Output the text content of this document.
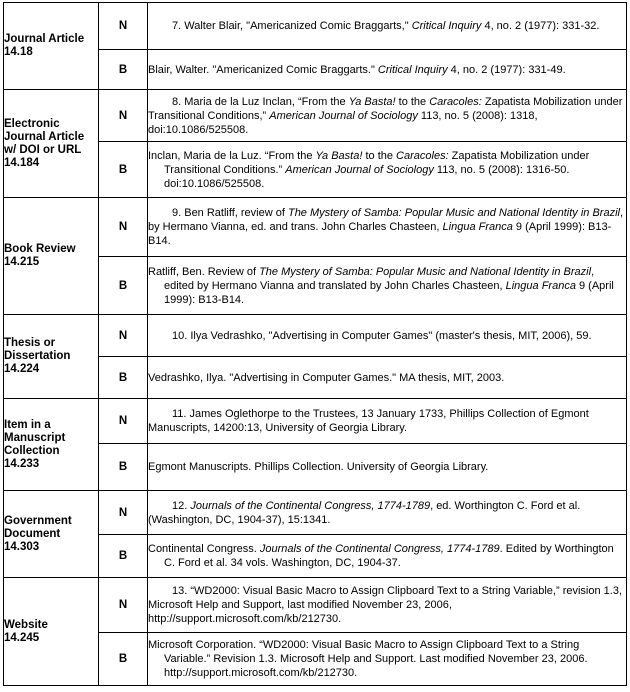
Journal Article
14.18	N	7. Walter Blair, "Americanized Comic Braggarts," Critical Inquiry 4, no. 2 (1977): 331-32.

	B	Blair, Walter. "Americanized Comic Braggarts." Critical Inquiry 4, no. 2 (1977): 331-49.

Electronic Journal Article w/ DOI or URL
14.184	N	8. Maria de la Luz Inclan, “From the Ya Basta! to the Caracoles: Zapatista Mobilization under Transitional Conditions,” American Journal of Sociology 113, no. 5 (2008): 1318, doi:10.1086/525508.

	B	Inclan, Maria de la Luz. “From the Ya Basta! to the Caracoles: Zapatista Mobilization under Transitional Conditions.” American Journal of Sociology 113, no. 5 (2008): 1316-50. doi:10.1086/525508.

Book Review
14.215	N	9. Ben Ratliff, review of The Mystery of Samba: Popular Music and National Identity in Brazil, by Hermano Vianna, ed. and trans. John Charles Chasteen, Lingua Franca 9 (April 1999): B13-B14.

	B	Ratliff, Ben. Review of The Mystery of Samba: Popular Music and National Identity in Brazil, edited by Hermano Vianna and translated by John Charles Chasteen, Lingua Franca 9 (April 1999): B13-B14.

Thesis or Dissertation
14.224	N	10. Ilya Vedrashko, "Advertising in Computer Games" (master's thesis, MIT, 2006), 59.

	B	Vedrashko, Ilya. "Advertising in Computer Games." MA thesis, MIT, 2003.

Item in a Manuscript Collection
14.233	N	11. James Oglethorpe to the Trustees, 13 January 1733, Phillips Collection of Egmont Manuscripts, 14200:13, University of Georgia Library.

	B	Egmont Manuscripts. Phillips Collection. University of Georgia Library.

Government Document
14.303	N	12. Journals of the Continental Congress, 1774-1789, ed. Worthington C. Ford et al. (Washington, DC, 1904-37), 15:1341.

	B	Continental Congress. Journals of the Continental Congress, 1774-1789. Edited by Worthington C. Ford et al. 34 vols. Washington, DC, 1904-37.

Website
14.245	N	13. “WD2000: Visual Basic Macro to Assign Clipboard Text to a String Variable,” revision 1.3, Microsoft Help and Support, last modified November 23, 2006, http://support.microsoft.com/kb/212730.

	B	Microsoft Corporation. “WD2000: Visual Basic Macro to Assign Clipboard Text to a String Variable.” Revision 1.3. Microsoft Help and Support. Last modified November 23, 2006. http://support.microsoft.com/kb/212730.
